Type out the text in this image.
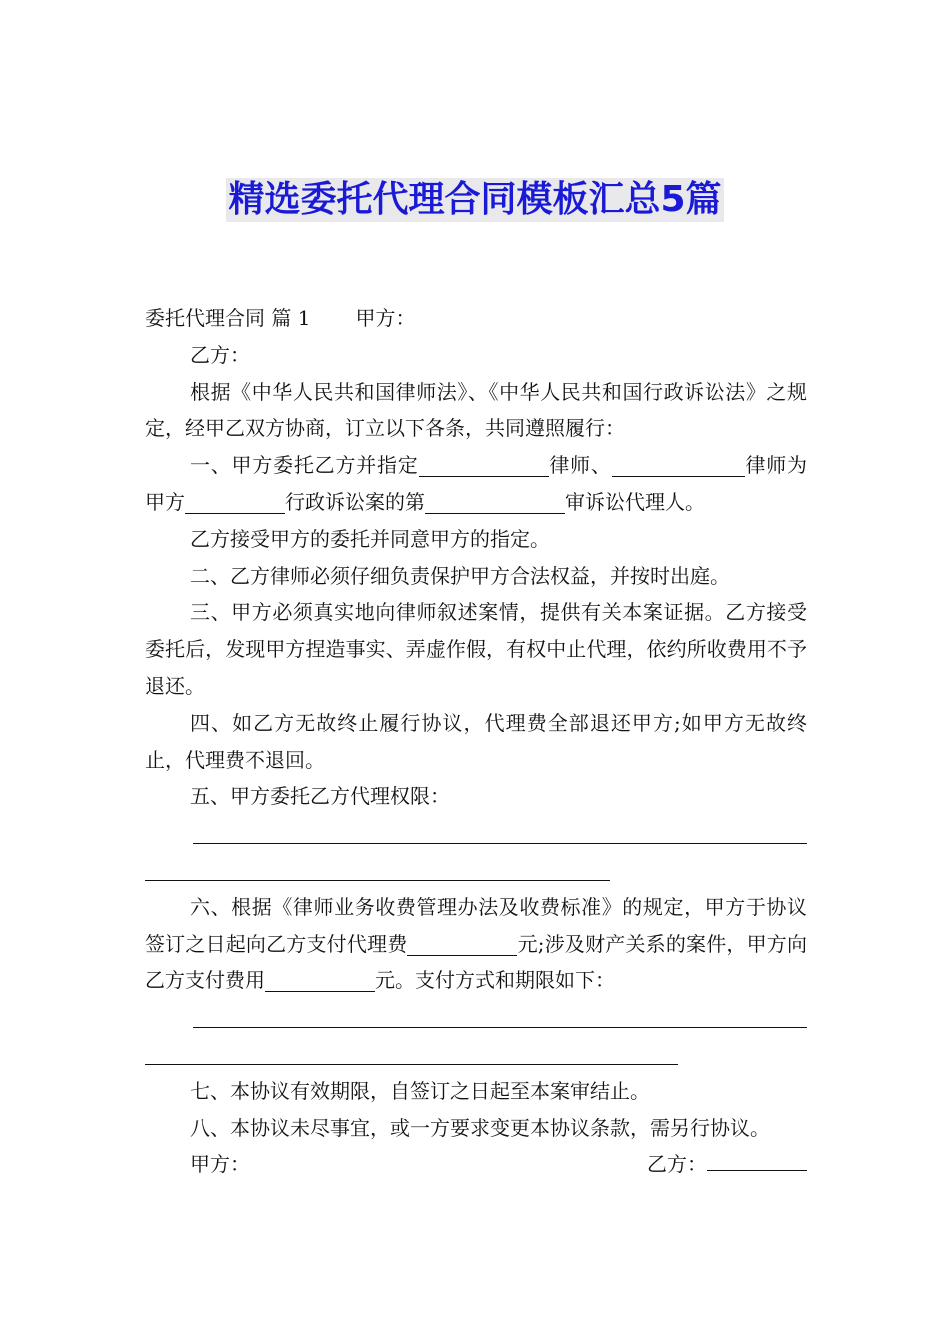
精选委托代理合同模板汇总5篇
委托代理合同 篇 1 甲方：

乙方：

根据《中华人民共和国律师法》、《中华人民共和国行政诉讼法》之规定，经甲乙双方协商，订立以下各条，共同遵照履行：

一、甲方委托乙方并指定	律师、	律师为甲方	行政诉讼案的第	审诉讼代理人。

乙方接受甲方的委托并同意甲方的指定。

二、乙方律师必须仔细负责保护甲方合法权益，并按时出庭。

三、甲方必须真实地向律师叙述案情，提供有关本案证据。乙方接受委托后，发现甲方捏造事实、弄虚作假，有权中止代理，依约所收费用不予退还。

四、如乙方无故终止履行协议，代理费全部退还甲方;如甲方无故终止，代理费不退回。

五、甲方委托乙方代理权限：

六、根据《律师业务收费管理办法及收费标准》的规定，甲方于协议签订之日起向乙方支付代理费	元;涉及财产关系的案件，甲方向乙方支付费用	元。支付方式和期限如下：

七、本协议有效期限，自签订之日起至本案审结止。

八、本协议未尽事宜，或一方要求变更本协议条款，需另行协议。

甲方：	乙方：
